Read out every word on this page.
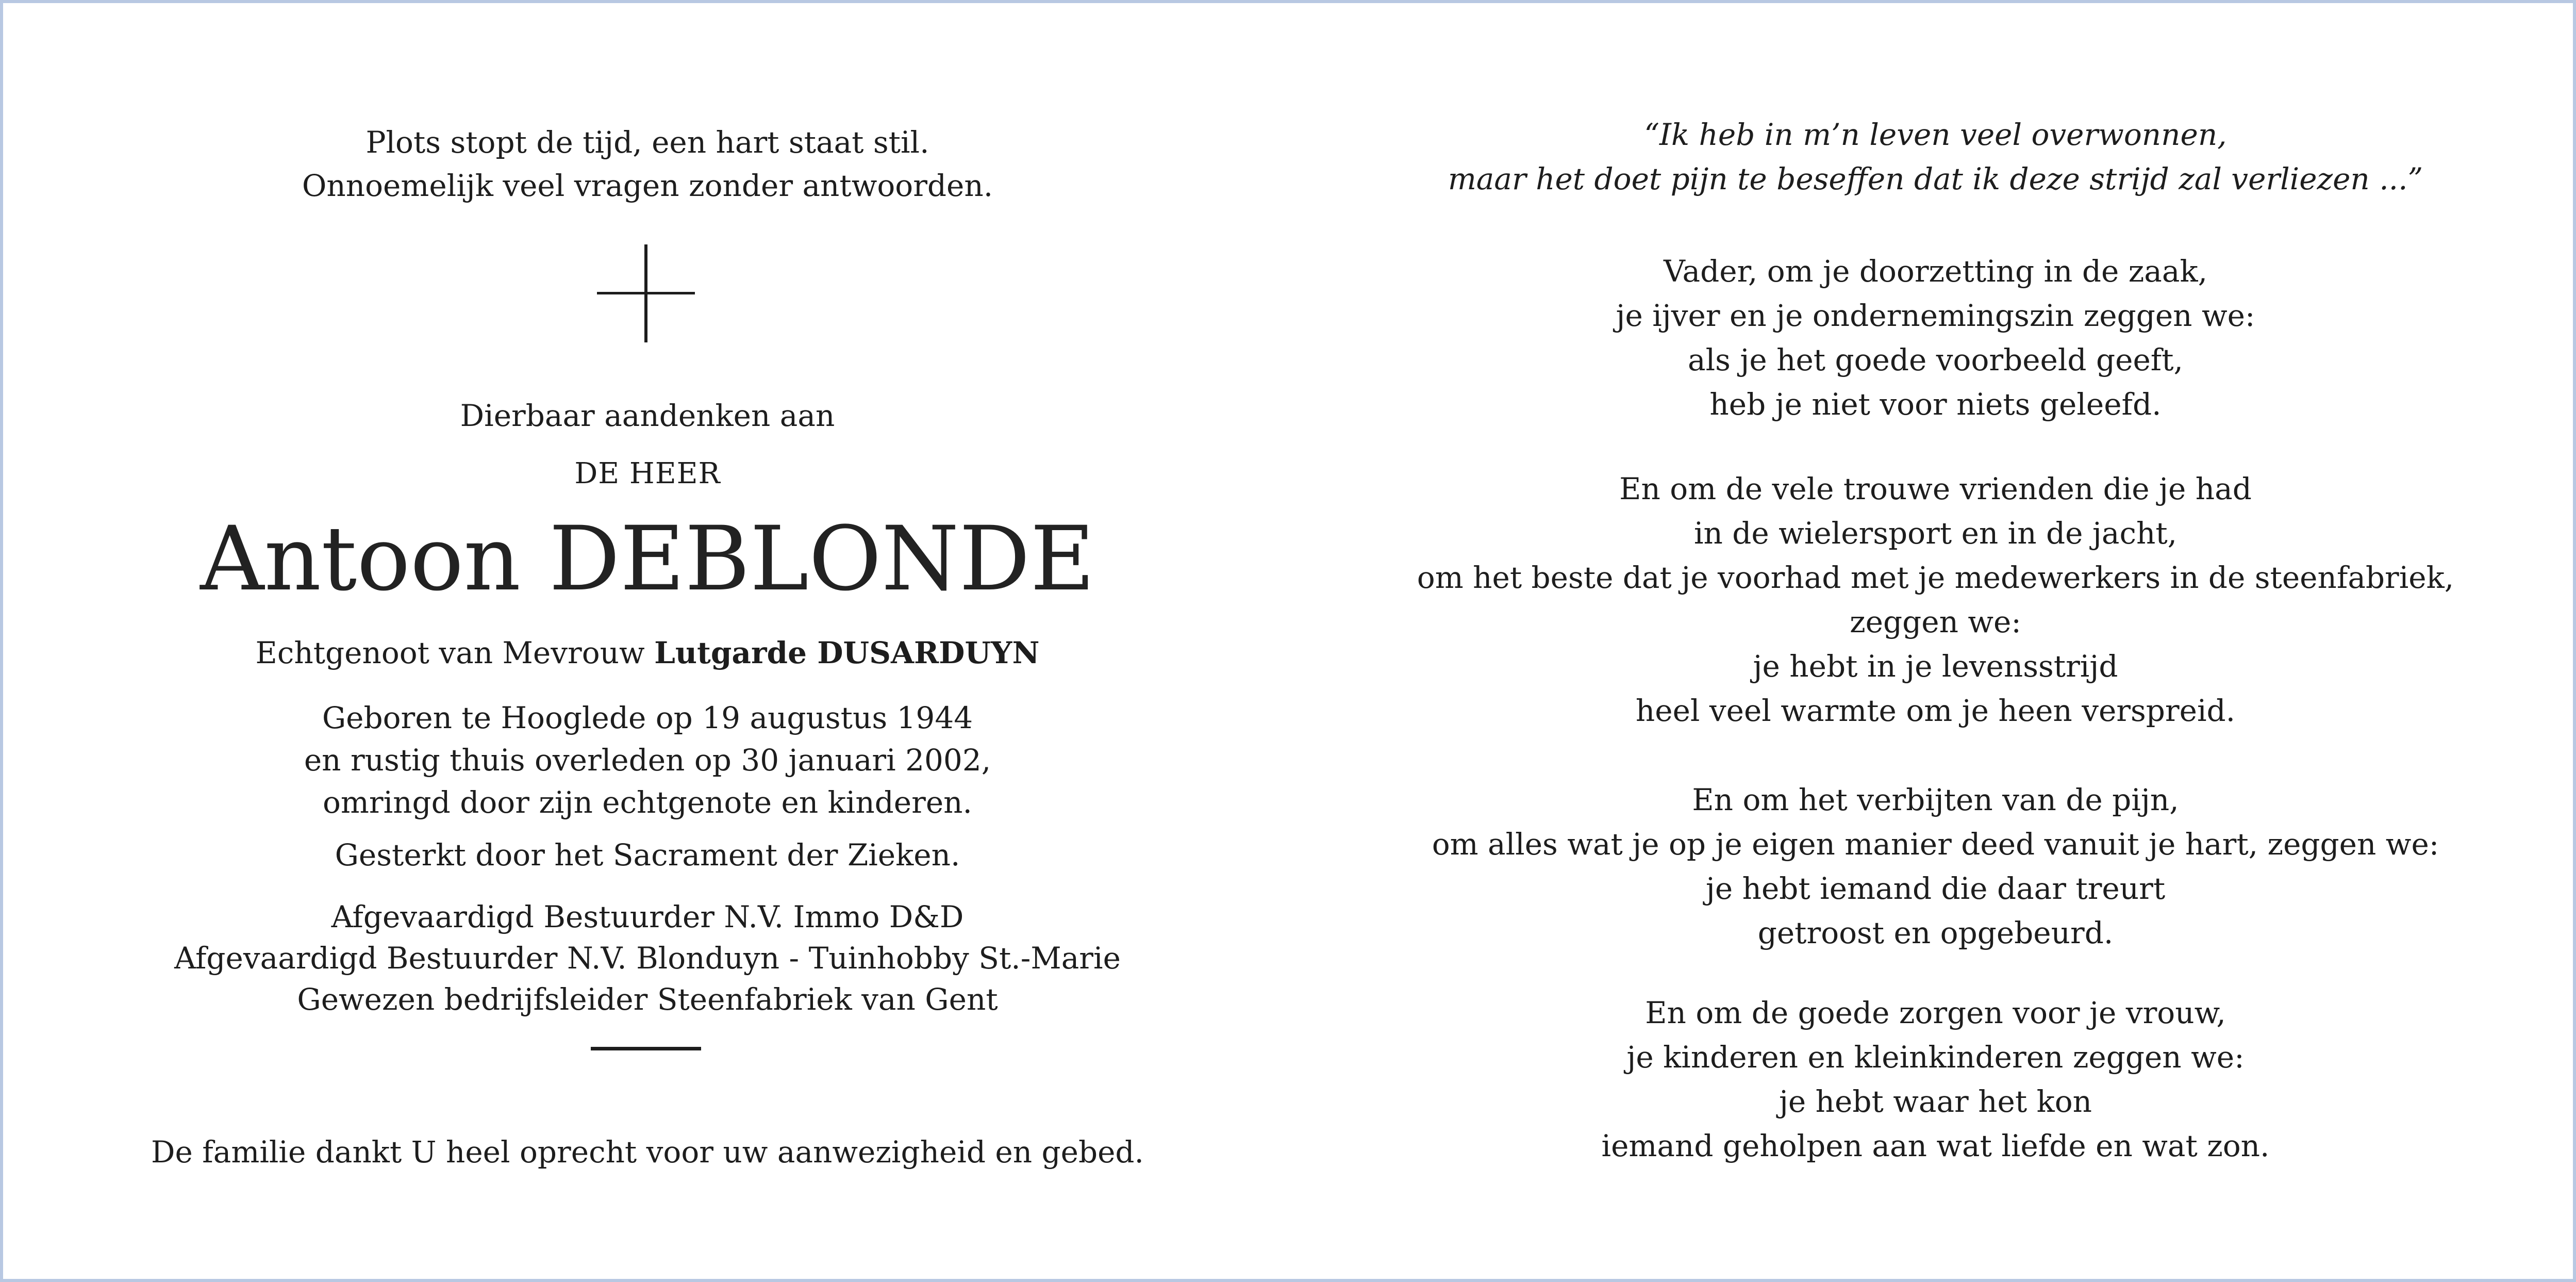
Plots stopt de tijd, een hart staat stil.
Onnoemelijk veel vragen zonder antwoorden.
Dierbaar aandenken aan
DE HEER
Antoon DEBLONDE
Echtgenoot van Mevrouw Lutgarde DUSARDUYN
Geboren te Hooglede op 19 augustus 1944
en rustig thuis overleden op 30 januari 2002,
omringd door zijn echtgenote en kinderen.
Gesterkt door het Sacrament der Zieken.
Afgevaardigd Bestuurder N.V. Immo D&D
Afgevaardigd Bestuurder N.V. Blonduyn - Tuinhobby St.-Marie
Gewezen bedrijfsleider Steenfabriek van Gent
De familie dankt U heel oprecht voor uw aanwezigheid en gebed.
“Ik heb in m’n leven veel overwonnen,
maar het doet pijn te beseffen dat ik deze strijd zal verliezen ...”
Vader, om je doorzetting in de zaak,
je ijver en je ondernemingszin zeggen we:
als je het goede voorbeeld geeft,
heb je niet voor niets geleefd.
En om de vele trouwe vrienden die je had
in de wielersport en in de jacht,
om het beste dat je voorhad met je medewerkers in de steenfabriek,
zeggen we:
je hebt in je levensstrijd
heel veel warmte om je heen verspreid.
En om het verbijten van de pijn,
om alles wat je op je eigen manier deed vanuit je hart, zeggen we:
je hebt iemand die daar treurt
getroost en opgebeurd.
En om de goede zorgen voor je vrouw,
je kinderen en kleinkinderen zeggen we:
je hebt waar het kon
iemand geholpen aan wat liefde en wat zon.
